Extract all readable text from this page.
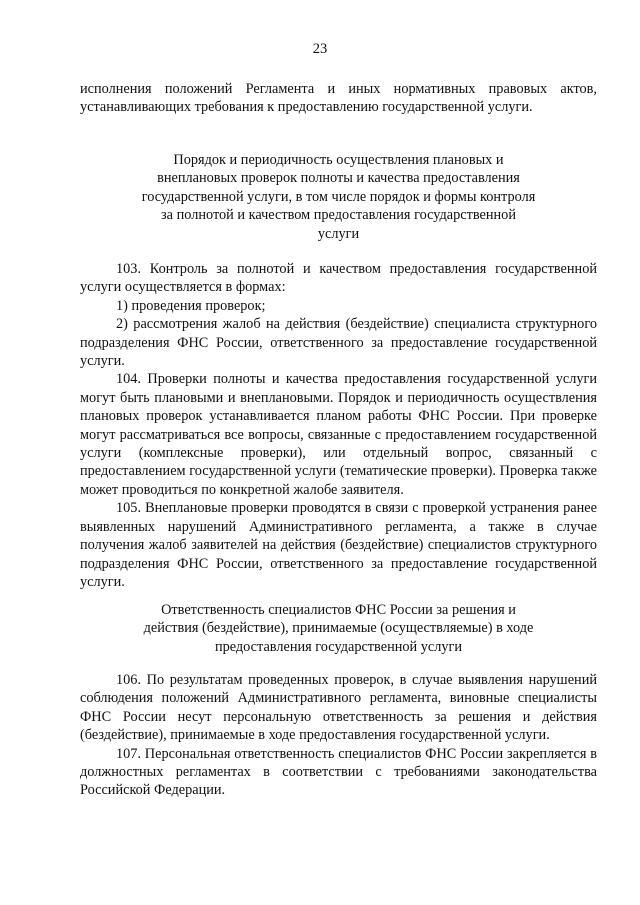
23

исполнения положений Регламента и иных нормативных правовых актов, устанавливающих требования к предоставлению государственной услуги.

Порядок и периодичность осуществления плановых и внеплановых проверок полноты и качества предоставления государственной услуги, в том числе порядок и формы контроля за полнотой и качеством предоставления государственной услуги

103. Контроль за полнотой и качеством предоставления государственной услуги осуществляется в формах:

1) проведения проверок;

2) рассмотрения жалоб на действия (бездействие) специалиста структурного подразделения ФНС России, ответственного за предоставление государственной услуги.

104. Проверки полноты и качества предоставления государственной услуги могут быть плановыми и внеплановыми. Порядок и периодичность осуществления плановых проверок устанавливается планом работы ФНС России. При проверке могут рассматриваться все вопросы, связанные с предоставлением государственной услуги (комплексные проверки), или отдельный вопрос, связанный с предоставлением государственной услуги (тематические проверки). Проверка также может проводиться по конкретной жалобе заявителя.

105. Внеплановые проверки проводятся в связи с проверкой устранения ранее выявленных нарушений Административного регламента, а также в случае получения жалоб заявителей на действия (бездействие) специалистов структурного подразделения ФНС России, ответственного за предоставление государственной услуги.

Ответственность специалистов ФНС России за решения и действия (бездействие), принимаемые (осуществляемые) в ходе предоставления государственной услуги

106. По результатам проведенных проверок, в случае выявления нарушений соблюдения положений Административного регламента, виновные специалисты ФНС России несут персональную ответственность за решения и действия (бездействие), принимаемые в ходе предоставления государственной услуги.

107. Персональная ответственность специалистов ФНС России закрепляется в должностных регламентах в соответствии с требованиями законодательства Российской Федерации.
